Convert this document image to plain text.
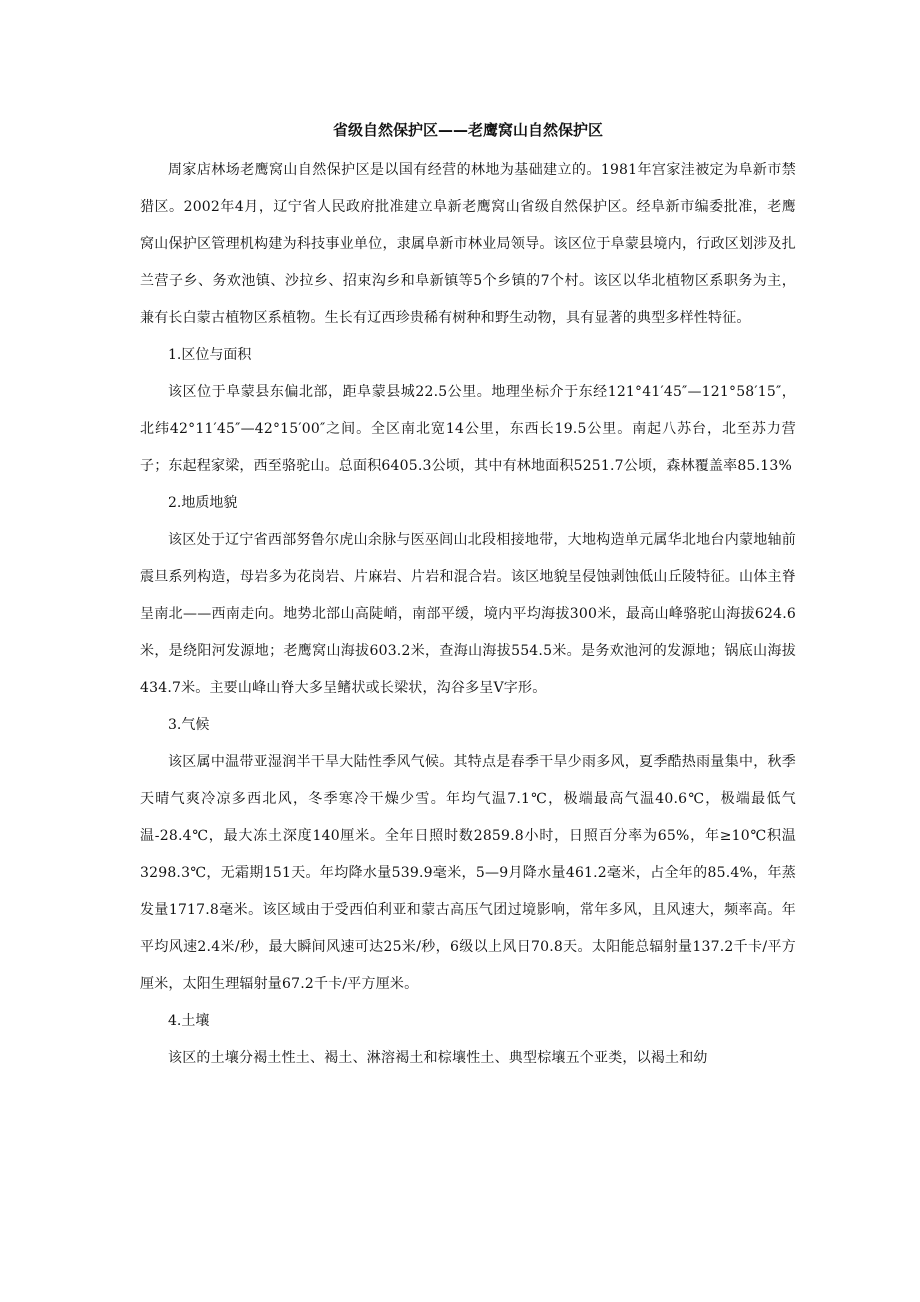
省级自然保护区——老鹰窝山自然保护区

周家店林场老鹰窝山自然保护区是以国有经营的林地为基础建立的。1981年宫家洼被定为阜新市禁猎区。2002年4月，辽宁省人民政府批准建立阜新老鹰窝山省级自然保护区。经阜新市编委批准，老鹰窝山保护区管理机构建为科技事业单位，隶属阜新市林业局领导。该区位于阜蒙县境内，行政区划涉及扎兰营子乡、务欢池镇、沙拉乡、招束沟乡和阜新镇等5个乡镇的7个村。该区以华北植物区系职务为主，兼有长白蒙古植物区系植物。生长有辽西珍贵稀有树种和野生动物，具有显著的典型多样性特征。

1.区位与面积

该区位于阜蒙县东偏北部，距阜蒙县城22.5公里。地理坐标介于东经121°41′45″—121°58′15″，北纬42°11′45″—42°15′00″之间。全区南北宽14公里，东西长19.5公里。南起八苏台，北至苏力营子；东起程家梁，西至骆驼山。总面积6405.3公顷，其中有林地面积5251.7公顷，森林覆盖率85.13%

2.地质地貌

该区处于辽宁省西部努鲁尔虎山余脉与医巫闾山北段相接地带，大地构造单元属华北地台内蒙地轴前震旦系列构造，母岩多为花岗岩、片麻岩、片岩和混合岩。该区地貌呈侵蚀剥蚀低山丘陵特征。山体主脊呈南北——西南走向。地势北部山高陡峭，南部平缓，境内平均海拔300米，最高山峰骆驼山海拔624.6米，是绕阳河发源地；老鹰窝山海拔603.2米，查海山海拔554.5米。是务欢池河的发源地；锅底山海拔434.7米。主要山峰山脊大多呈鳍状或长梁状，沟谷多呈V字形。

3.气候

该区属中温带亚湿润半干旱大陆性季风气候。其特点是春季干旱少雨多风，夏季酷热雨量集中，秋季天晴气爽冷凉多西北风，冬季寒冷干燥少雪。年均气温7.1℃，极端最高气温40.6℃，极端最低气温-28.4℃，最大冻土深度140厘米。全年日照时数2859.8小时，日照百分率为65%，年≥10℃积温3298.3℃，无霜期151天。年均降水量539.9毫米，5—9月降水量461.2毫米，占全年的85.4%，年蒸发量1717.8毫米。该区域由于受西伯利亚和蒙古高压气团过境影响，常年多风，且风速大，频率高。年平均风速2.4米/秒，最大瞬间风速可达25米/秒，6级以上风日70.8天。太阳能总辐射量137.2千卡/平方厘米，太阳生理辐射量67.2千卡/平方厘米。

4.土壤

该区的土壤分褐土性土、褐土、淋溶褐土和棕壤性土、典型棕壤五个亚类，以褐土和幼
